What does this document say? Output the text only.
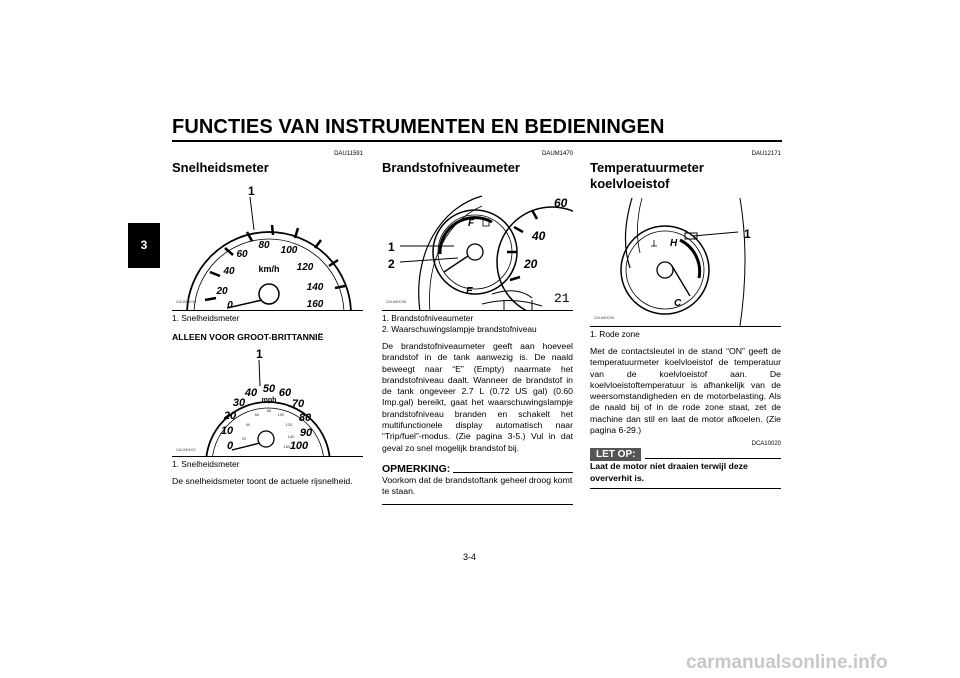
FUNCTIES VAN INSTRUMENTEN EN BEDIENINGEN
3
DAU11591
Snelheidsmeter
20
40
60
80 100
120
140
160
0
km/h
1
ZAUM0036
1. Snelheidsmeter
ALLEEN VOOR GROOT-BRITTANNIË
0
10
20
30
40 50 60
70
80
90
100
mph
20
40
60
80
100
120
140
160
1
ZAUM0037
1. Snelheidsmeter

De snelheidsmeter toont de actuele rijsnelheid.

DAUM1470
Brandstofniveaumeter
F
E
40
60
20
21
1
2
ZAUM0038
1. Brandstofniveaumeter
2. Waarschuwingslampje brandstofniveau

De brandstofniveaumeter geeft aan hoeveel brandstof in de tank aanwezig is. De naald beweegt naar “E” (Empty) naarmate het brandstofniveau daalt. Wanneer de brandstof in de tank ongeveer 2.7 L (0.72 US gal) (0.60 Imp.gal) bereikt, gaat het waarschuwingslampje brandstofniveau branden en schakelt het multifunctionele display automatisch naar “Trip/fuel”-modus. (Zie pagina 3-5.) Vul in dat geval zo snel mogelijk brandstof bij.

OPMERKING:
Voorkom dat de brandstoftank geheel droog komt te staan.
DAU12171
Temperatuurmeter koelvloeistof
H
C
1
ZAUM0039
1. Rode zone

Met de contactsleutel in de stand “ON” geeft de temperatuurmeter koelvloeistof de temperatuur van de koelvloeistof aan. De koelvloeistoftemperatuur is afhankelijk van de weersomstandigheden en de motorbelasting. Als de naald bij of in de rode zone staat, zet de machine dan stil en laat de motor afkoelen. (Zie pagina 6-29.)

DCA10020
LET OP:
Laat de motor niet draaien terwijl deze oververhit is.
3-4
carmanualsonline.info
